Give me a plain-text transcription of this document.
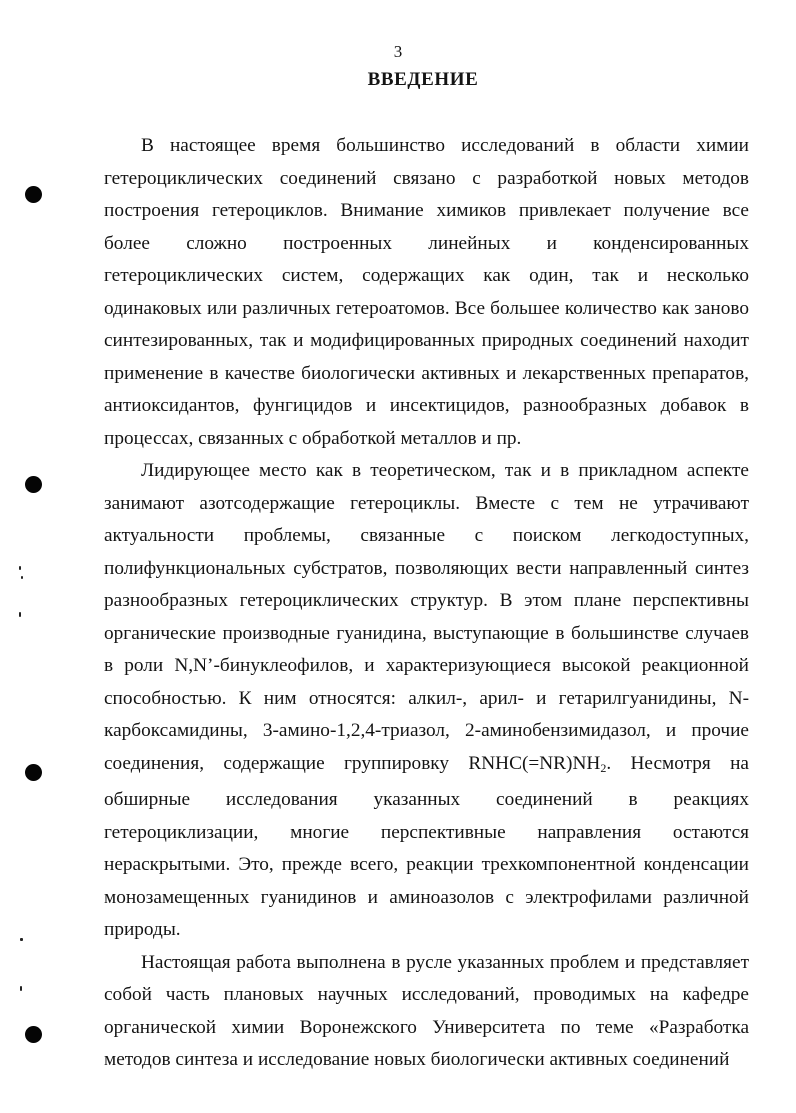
3
ВВЕДЕНИЕ

В настоящее время большинство исследований в области химии гетероциклических соединений связано с разработкой новых методов построения гетероциклов. Внимание химиков привлекает получение все более сложно построенных линейных и конденсированных гетероциклических систем, содержащих как один, так и несколько одинаковых или различных гетероатомов. Все большее количество как заново синтезированных, так и модифицированных природных соединений находит применение в качестве биологически активных и лекарственных препаратов, антиоксидантов, фунгицидов и инсектицидов, разнообразных добавок в процессах, связанных с обработкой металлов и пр.

Лидирующее место как в теоретическом, так и в прикладном аспекте занимают азотсодержащие гетероциклы. Вместе с тем не утрачивают актуальности проблемы, связанные с поиском легкодоступных, полифункциональных субстратов, позволяющих вести направленный синтез разнообразных гетероциклических структур. В этом плане перспективны органические производные гуанидина, выступающие в большинстве случаев в роли N,N’-бинуклеофилов, и характеризующиеся высокой реакционной способностью. К ним относятся: алкил-, арил- и гетарилгуанидины, N-карбоксамидины, 3-амино-1,2,4-триазол, 2-аминобензимидазол, и прочие соединения, содержащие группировку $RNHC(=NR)NH_2$. Несмотря на обширные исследования указанных соединений в реакциях гетероциклизации, многие перспективные направления остаются нераскрытыми. Это, прежде всего, реакции трехкомпонентной конденсации монозамещенных гуанидинов и аминоазолов с электрофилами различной природы.

Настоящая работа выполнена в русле указанных проблем и представляет собой часть плановых научных исследований, проводимых на кафедре органической химии Воронежского Университета по теме «Разработка методов синтеза и исследование новых биологически активных соединений
